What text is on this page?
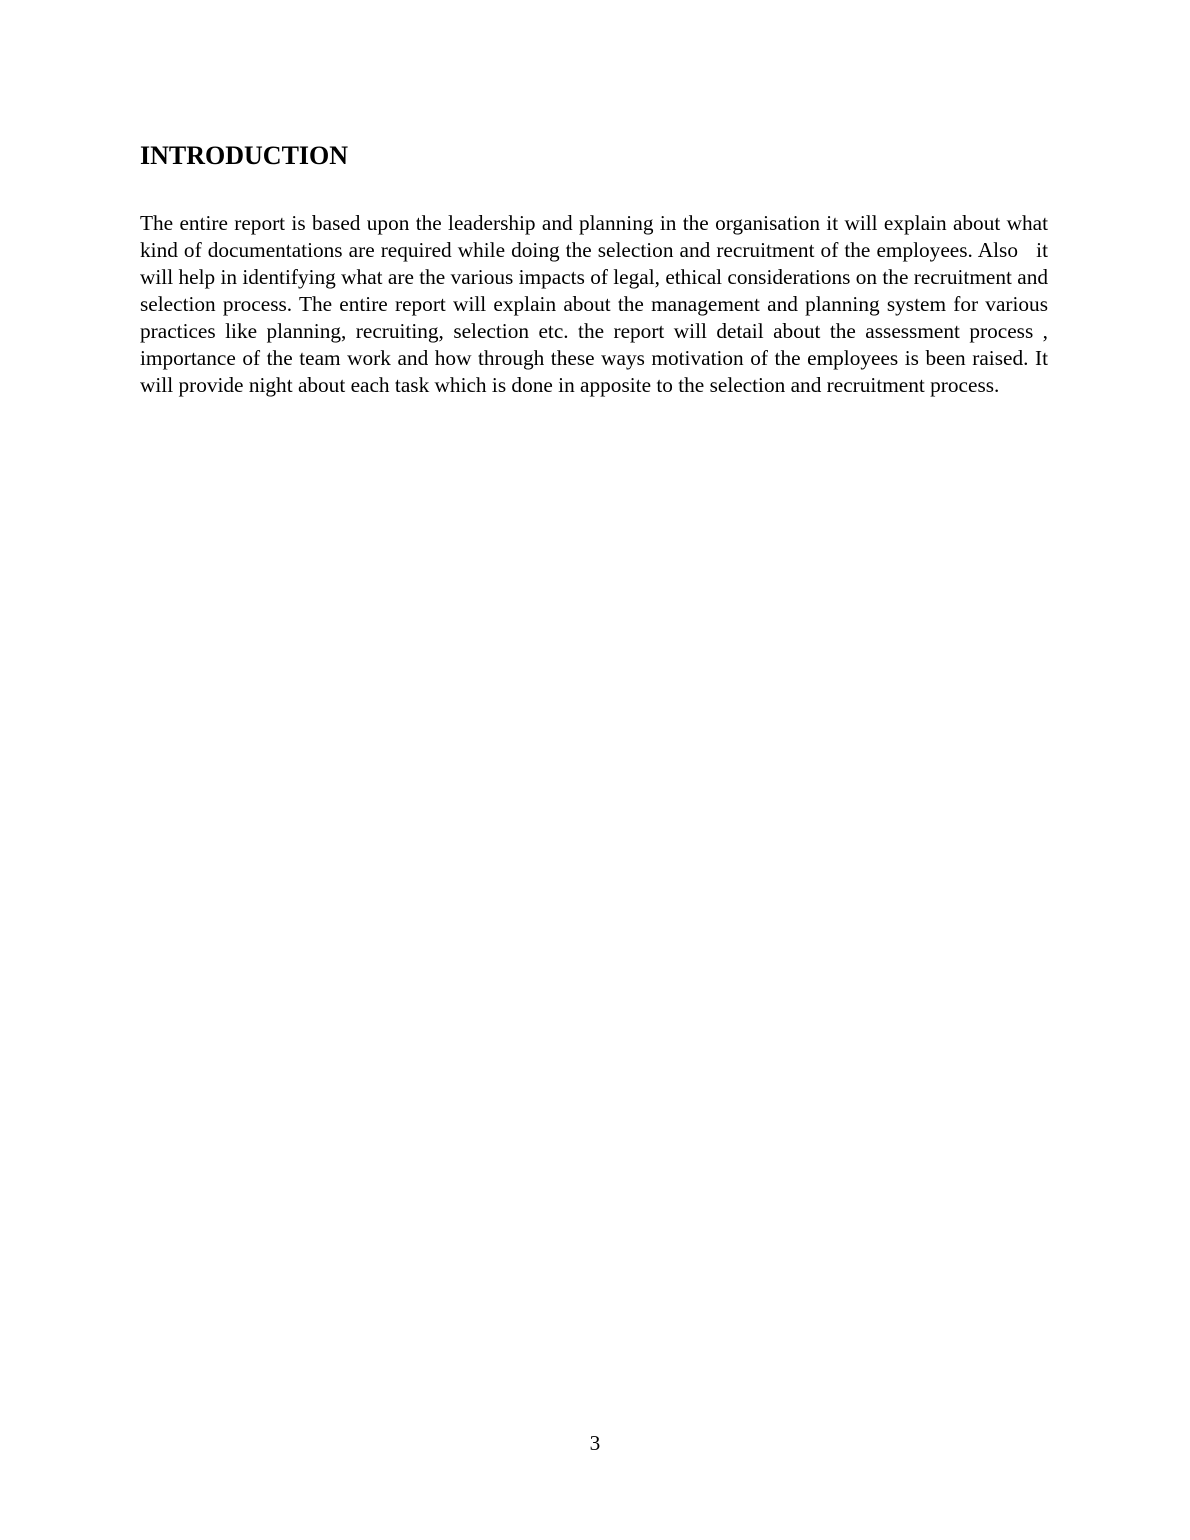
INTRODUCTION

The entire report is based upon the leadership and planning in the organisation it will explain about what kind of documentations are required while doing the selection and recruitment of the employees. Also   it will help in identifying what are the various impacts of legal, ethical considerations on the recruitment and selection process. The entire report will explain about the management and planning system for various practices like planning, recruiting, selection etc. the report will detail about the assessment process , importance of the team work and how through these ways motivation of the employees is been raised. It will provide night about each task which is done in apposite to the selection and recruitment process.

3
